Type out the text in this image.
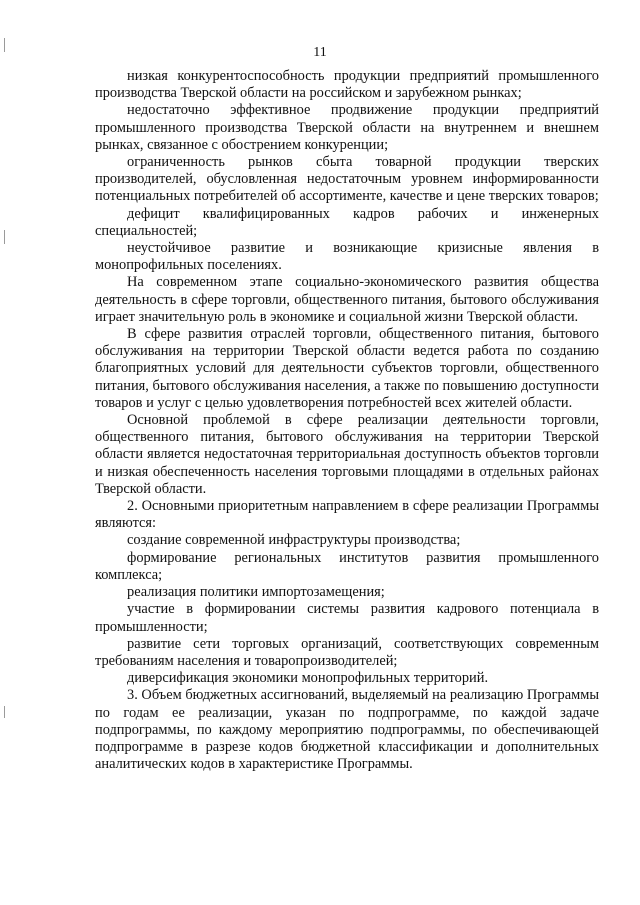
11

низкая конкурентоспособность продукции предприятий промышленного производства Тверской области на российском и зарубежном рынках;

недостаточно эффективное продвижение продукции предприятий промышленного производства Тверской области на внутреннем и внешнем рынках, связанное с обострением конкуренции;

ограниченность рынков сбыта товарной продукции тверских производителей, обусловленная недостаточным уровнем информированности потенциальных потребителей об ассортименте, качестве и цене тверских товаров;

дефицит квалифицированных кадров рабочих и инженерных специальностей;

неустойчивое развитие и возникающие кризисные явления в монопрофильных поселениях.

На современном этапе социально-экономического развития общества деятельность в сфере торговли, общественного питания, бытового обслуживания играет значительную роль в экономике и социальной жизни Тверской области.

В сфере развития отраслей торговли, общественного питания, бытового обслуживания на территории Тверской области ведется работа по созданию благоприятных условий для деятельности субъектов торговли, общественного питания, бытового обслуживания населения, а также по повышению доступности товаров и услуг с целью удовлетворения потребностей всех жителей области.

Основной проблемой в сфере реализации деятельности торговли, общественного питания, бытового обслуживания на территории Тверской области является недостаточная территориальная доступность объектов торговли и низкая обеспеченность населения торговыми площадями в отдельных районах Тверской области.

2. Основными приоритетным направлением в сфере реализации Программы являются:

создание современной инфраструктуры производства;

формирование региональных институтов развития промышленного комплекса;

реализация политики импортозамещения;

участие в формировании системы развития кадрового потенциала в промышленности;

развитие сети торговых организаций, соответствующих современным требованиям населения и товаропроизводителей;

диверсификация экономики монопрофильных территорий.

3. Объем бюджетных ассигнований, выделяемый на реализацию Программы по годам ее реализации, указан по подпрограмме, по каждой задаче подпрограммы, по каждому мероприятию подпрограммы, по обеспечивающей подпрограмме в разрезе кодов бюджетной классификации и дополнительных аналитических кодов в характеристике Программы.
